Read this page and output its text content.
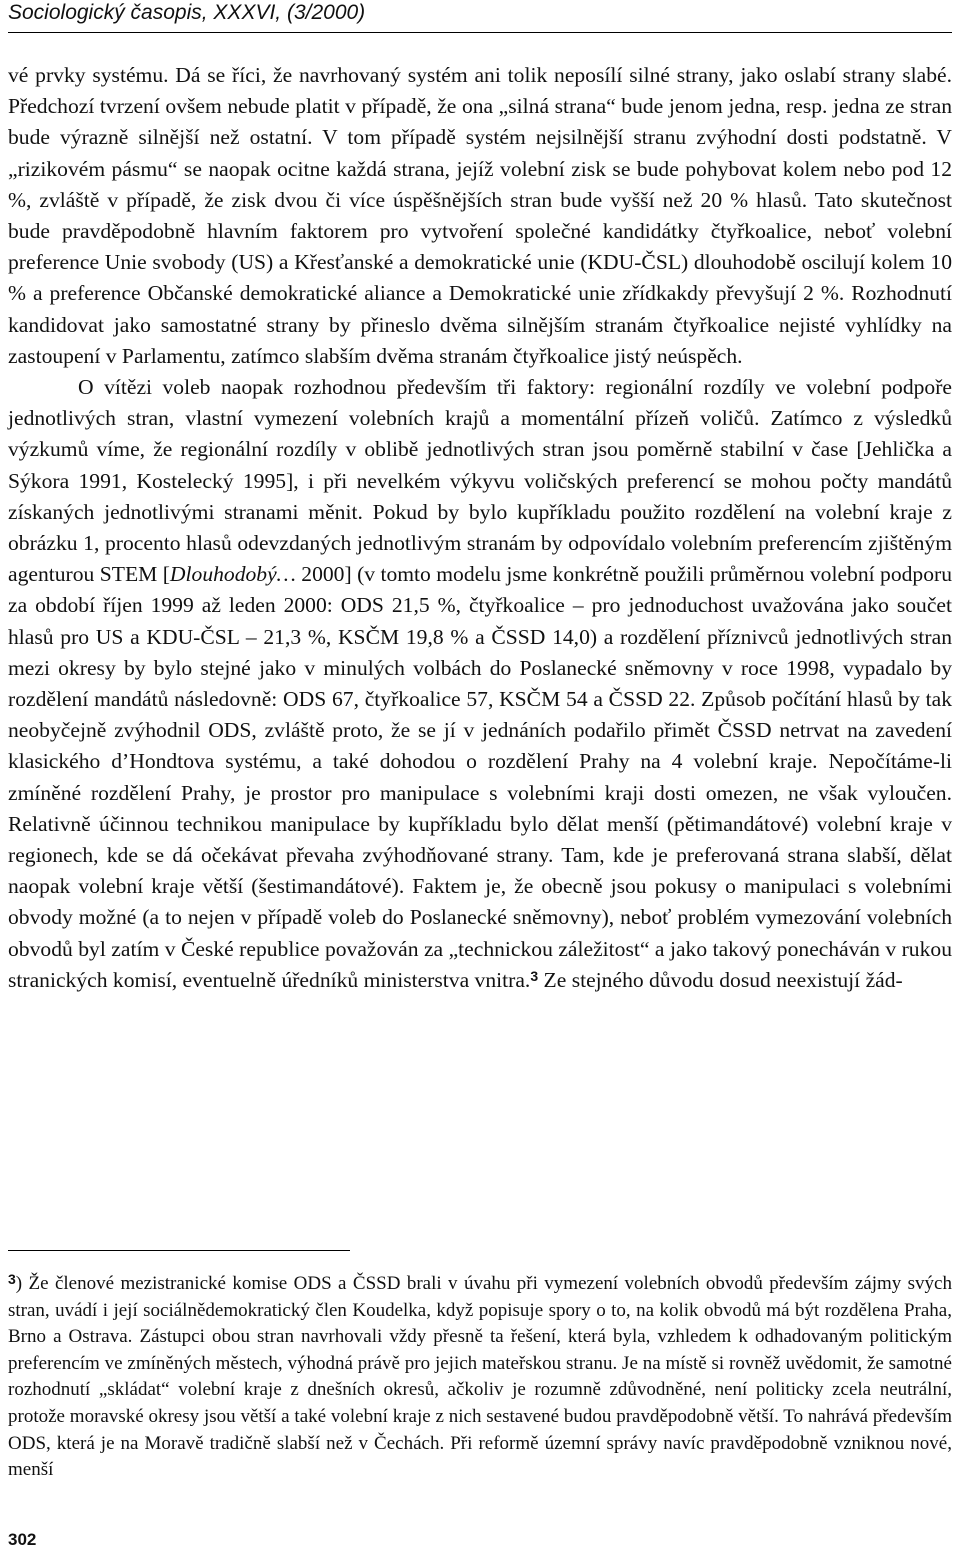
Sociologický časopis, XXXVI, (3/2000)

vé prvky systému. Dá se říci, že navrhovaný systém ani tolik neposílí silné strany, jako oslabí strany slabé. Předchozí tvrzení ovšem nebude platit v případě, že ona „silná strana“ bude jenom jedna, resp. jedna ze stran bude výrazně silnější než ostatní. V tom případě systém nejsilnější stranu zvýhodní dosti podstatně. V „rizikovém pásmu“ se naopak ocitne každá strana, jejíž volební zisk se bude pohybovat kolem nebo pod 12 %, zvláště v případě, že zisk dvou či více úspěšnějších stran bude vyšší než 20 % hlasů. Tato skutečnost bude pravděpodobně hlavním faktorem pro vytvoření společné kandidátky čtyřkoalice, neboť volební preference Unie svobody (US) a Křesťanské a demokratické unie (KDU-ČSL) dlouhodobě oscilují kolem 10 % a preference Občanské demokratické aliance a Demokratické unie zřídkakdy převyšují 2 %. Rozhodnutí kandidovat jako samostatné strany by přineslo dvěma silnějším stranám čtyřkoalice nejisté vyhlídky na zastoupení v Parlamentu, zatímco slabším dvěma stranám čtyřkoalice jistý neúspěch.

O vítězi voleb naopak rozhodnou především tři faktory: regionální rozdíly ve volební podpoře jednotlivých stran, vlastní vymezení volebních krajů a momentální přízeň voličů. Zatímco z výsledků výzkumů víme, že regionální rozdíly v oblibě jednotlivých stran jsou poměrně stabilní v čase [Jehlička a Sýkora 1991, Kostelecký 1995], i při nevelkém výkyvu voličských preferencí se mohou počty mandátů získaných jednotlivými stranami měnit. Pokud by bylo kupříkladu použito rozdělení na volební kraje z obrázku 1, procento hlasů odevzdaných jednotlivým stranám by odpovídalo volebním preferencím zjištěným agenturou STEM [Dlouhodobý… 2000] (v tomto modelu jsme konkrétně použili průměrnou volební podporu za období říjen 1999 až leden 2000: ODS 21,5 %, čtyřkoalice – pro jednoduchost uvažována jako součet hlasů pro US a KDU-ČSL – 21,3 %, KSČM 19,8 % a ČSSD 14,0) a rozdělení příznivců jednotlivých stran mezi okresy by bylo stejné jako v minulých volbách do Poslanecké sněmovny v roce 1998, vypadalo by rozdělení mandátů následovně: ODS 67, čtyřkoalice 57, KSČM 54 a ČSSD 22. Způsob počítání hlasů by tak neobyčejně zvýhodnil ODS, zvláště proto, že se jí v jednáních podařilo přimět ČSSD netrvat na zavedení klasického d’Hondtova systému, a také dohodou o rozdělení Prahy na 4 volební kraje. Nepočítáme-li zmíněné rozdělení Prahy, je prostor pro manipulace s volebními kraji dosti omezen, ne však vyloučen. Relativně účinnou technikou manipulace by kupříkladu bylo dělat menší (pětimandátové) volební kraje v regionech, kde se dá očekávat převaha zvýhodňované strany. Tam, kde je preferovaná strana slabší, dělat naopak volební kraje větší (šestimandátové). Faktem je, že obecně jsou pokusy o manipulaci s volebními obvody možné (a to nejen v případě voleb do Poslanecké sněmovny), neboť problém vymezování volebních obvodů byl zatím v České republice považován za „technickou záležitost“ a jako takový ponecháván v rukou stranických komisí, eventuelně úředníků ministerstva vnitra.$^3$ Ze stejného důvodu dosud neexistují žád-

$^3$) Že členové mezistranické komise ODS a ČSSD brali v úvahu při vymezení volebních obvodů především zájmy svých stran, uvádí i její sociálnědemokratický člen Koudelka, když popisuje spory o to, na kolik obvodů má být rozdělena Praha, Brno a Ostrava. Zástupci obou stran navrhovali vždy přesně ta řešení, která byla, vzhledem k odhadovaným politickým preferencím ve zmíněných městech, výhodná právě pro jejich mateřskou stranu. Je na místě si rovněž uvědomit, že samotné rozhodnutí „skládat“ volební kraje z dnešních okresů, ačkoliv je rozumně zdůvodněné, není politicky zcela neutrální, protože moravské okresy jsou větší a také volební kraje z nich sestavené budou pravděpodobně větší. To nahrává především ODS, která je na Moravě tradičně slabší než v Čechách. Při reformě územní správy navíc pravděpodobně vzniknou nové, menší

302
